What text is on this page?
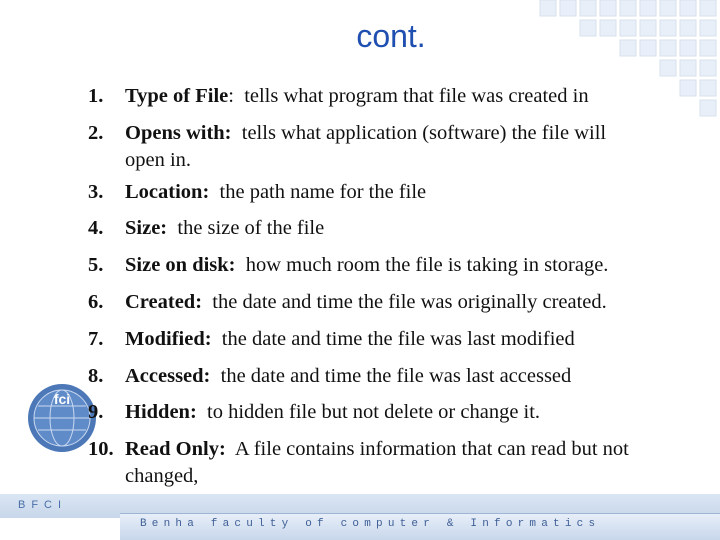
fci
cont.
1.	Type of File:  tells what program that file was created in
2.	Opens with:  tells what application (software) the file will
open in.
3.	Location:  the path name for the file
4.	Size:  the size of the file
5.	Size on disk:  how much room the file is taking in storage.
6.	Created:  the date and time the file was originally created.
7.	Modified:  the date and time the file was last modified
8.	Accessed:  the date and time the file was last accessed
9.	Hidden:  to hidden file but not delete or change it.
10. Read Only:  A file contains information that can read but not
changed,
BFCI
Benha faculty of computer & Informatics
